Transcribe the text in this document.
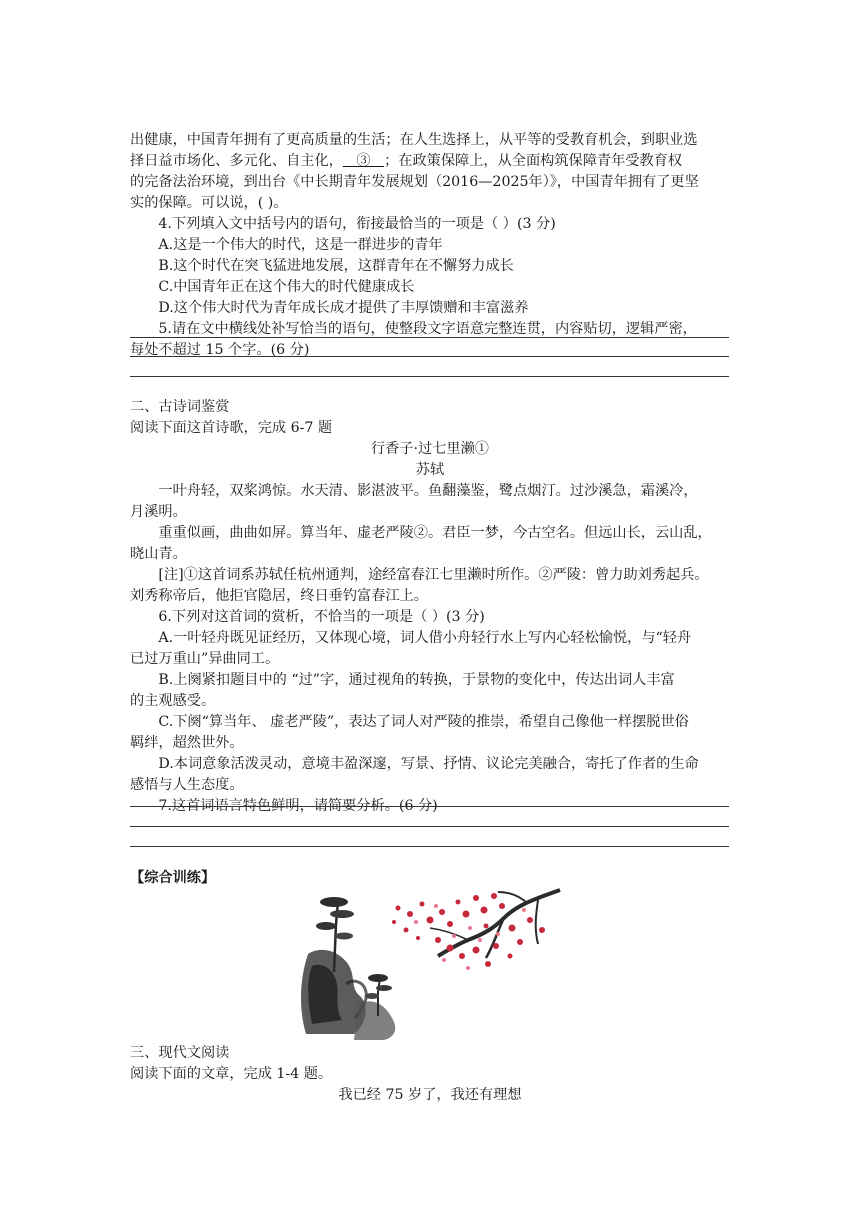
出健康，中国青年拥有了更高质量的生活；在人生选择上，从平等的受教育机会，到职业选

择日益市场化、多元化、自主化，   ③   ；在政策保障上，从全面构筑保障青年受教育权

的完备法治环境，到出台《中长期青年发展规划（2016—2025年）》，中国青年拥有了更坚

实的保障。可以说，( )。

4.下列填入文中括号内的语句，衔接最恰当的一项是（ ）(3 分)

A.这是一个伟大的时代，这是一群进步的青年

B.这个时代在突飞猛进地发展，这群青年在不懈努力成长

C.中国青年正在这个伟大的时代健康成长

D.这个伟大时代为青年成长成才提供了丰厚馈赠和丰富滋养

5.请在文中横线处补写恰当的语句，使整段文字语意完整连贯，内容贴切，逻辑严密，

每处不超过 15 个字。(6 分)

二、古诗词鉴赏

阅读下面这首诗歌，完成 6-7 题

行香子·过七里濑①

苏轼

一叶舟轻，双桨鸿惊。水天清、影湛波平。鱼翻藻鉴，鹭点烟汀。过沙溪急，霜溪冷，

月溪明。

重重似画，曲曲如屏。算当年、虚老严陵②。君臣一梦，今古空名。但远山长，云山乱，

晓山青。

[注]①这首词系苏轼任杭州通判，途经富春江七里濑时所作。②严陵：曾力助刘秀起兵。

刘秀称帝后，他拒官隐居，终日垂钓富春江上。

6.下列对这首词的赏析，不恰当的一项是（ ）(3 分)

A.一叶轻舟既见证经历，又体现心境，词人借小舟轻行水上写内心轻松愉悦，与“轻舟

已过万重山”异曲同工。

B.上阕紧扣题目中的 “过”字，通过视角的转换，于景物的变化中，传达出词人丰富

的主观感受。

C.下阕“算当年、 虚老严陵”，表达了词人对严陵的推崇，希望自己像他一样摆脱世俗

羁绊，超然世外。

D.本词意象活泼灵动，意境丰盈深邃，写景、抒情、议论完美融合，寄托了作者的生命

感悟与人生态度。

7.这首词语言特色鲜明，请简要分析。(6 分)

【综合训练】

三、现代文阅读

阅读下面的文章，完成 1-4 题。

我已经 75 岁了，我还有理想
